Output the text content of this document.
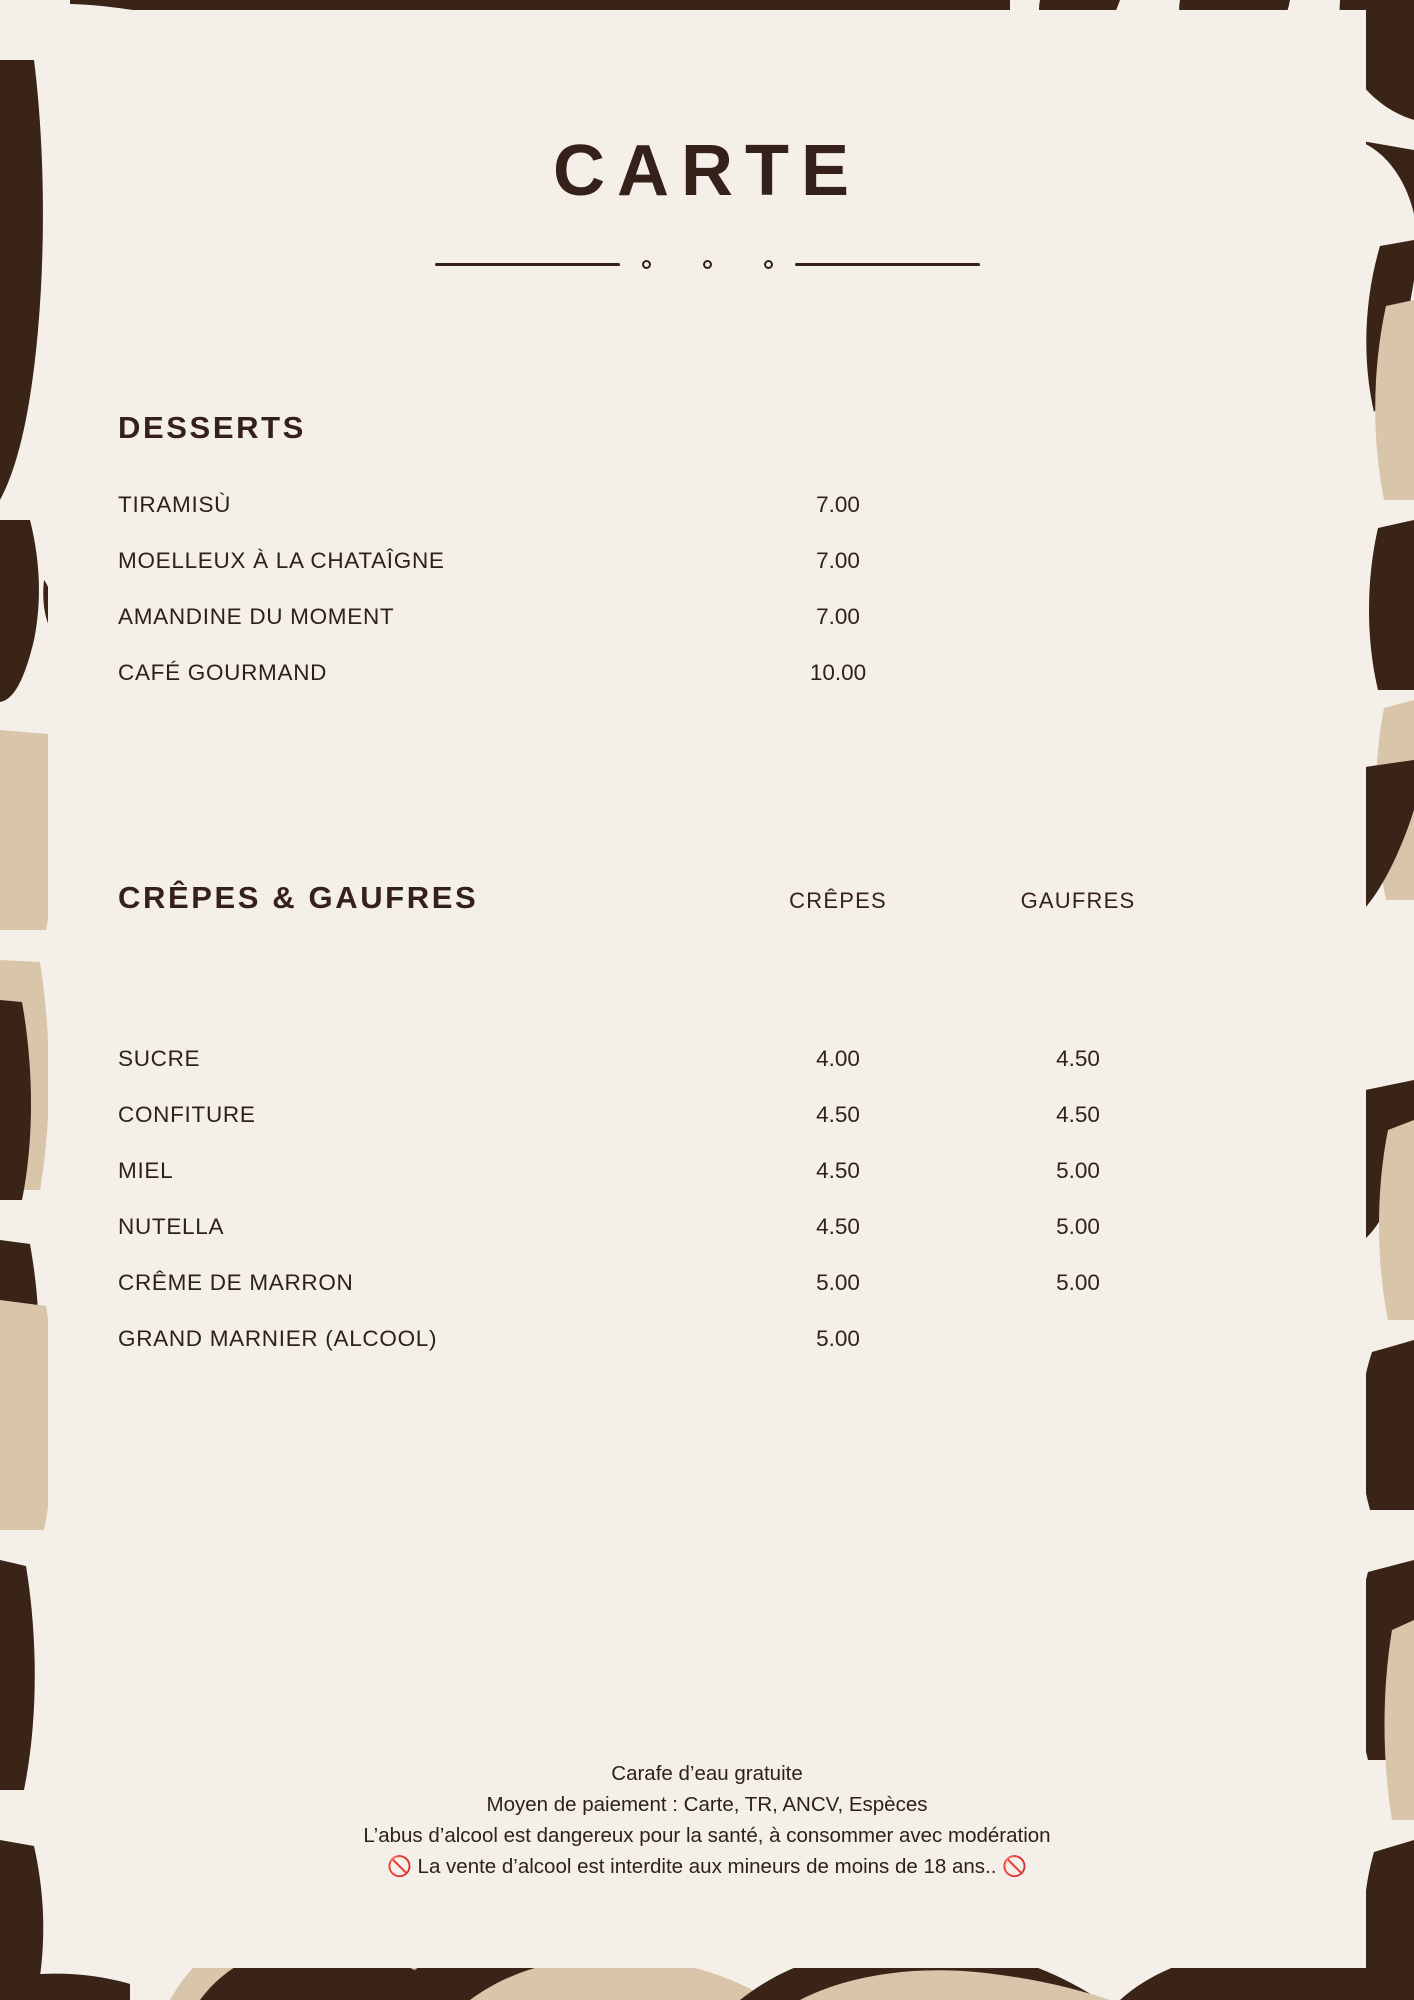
CARTE
DESSERTS
TIRAMISÙ	7.00
MOELLEUX À LA CHATAÎGNE	7.00
AMANDINE DU MOMENT	7.00
CAFÉ GOURMAND	10.00
CRÊPES & GAUFRES	CRÊPES	GAUFRES
SUCRE	4.00	4.50
CONFITURE	4.50	4.50
MIEL	4.50	5.00
NUTELLA	4.50	5.00
CRÊME DE MARRON	5.00	5.00
GRAND MARNIER (ALCOOL)	5.00
Carafe d’eau gratuite
Moyen de paiement : Carte, TR, ANCV, Espèces
L’abus d’alcool est dangereux pour la santé, à consommer avec modération
🚫 La vente d’alcool est interdite aux mineurs de moins de 18 ans.. 🚫
